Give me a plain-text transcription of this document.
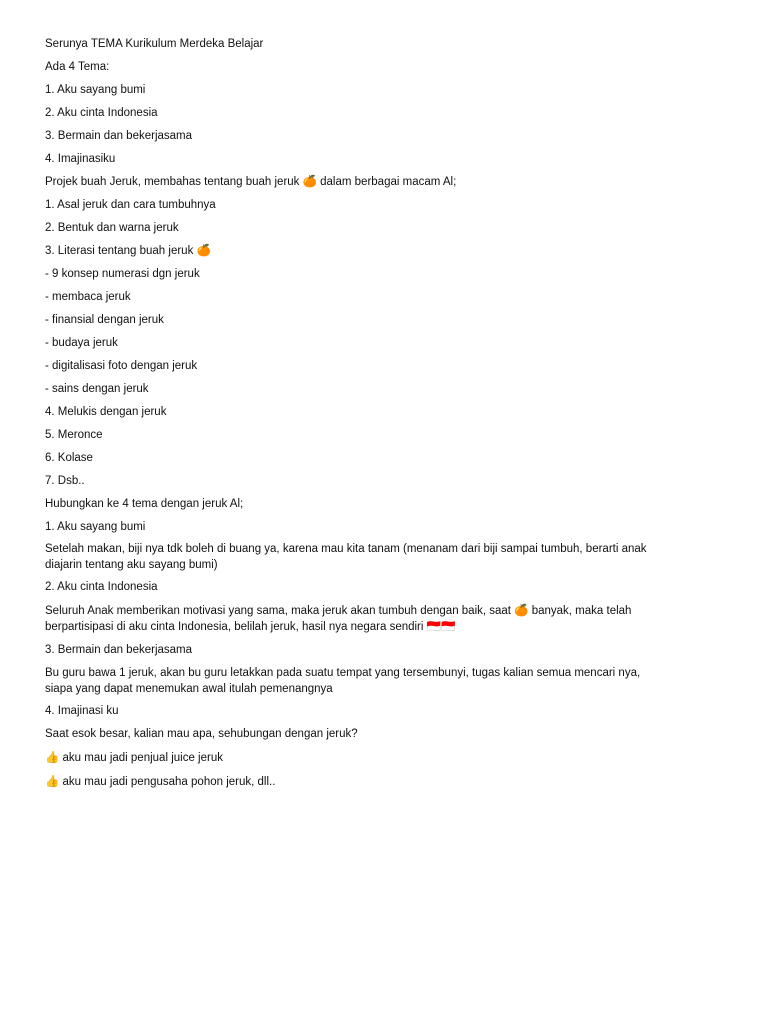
Serunya TEMA Kurikulum Merdeka Belajar
Ada 4 Tema:
1. Aku sayang bumi
2. Aku cinta Indonesia
3. Bermain dan bekerjasama
4. Imajinasiku
Projek buah Jeruk, membahas tentang buah jeruk 🍊 dalam berbagai macam Al;
1. Asal jeruk dan cara tumbuhnya
2. Bentuk dan warna jeruk
3. Literasi tentang buah jeruk 🍊
- 9 konsep numerasi dgn jeruk
- membaca jeruk
- finansial dengan jeruk
- budaya jeruk
- digitalisasi foto dengan jeruk
- sains dengan jeruk
4. Melukis dengan jeruk
5. Meronce
6. Kolase
7. Dsb..
Hubungkan ke 4 tema dengan jeruk Al;
1. Aku sayang bumi
Setelah makan, biji nya tdk boleh di buang ya, karena mau kita tanam (menanam dari biji sampai tumbuh, berarti anak
diajarin tentang aku sayang bumi)
2. Aku cinta Indonesia
Seluruh Anak memberikan motivasi yang sama, maka jeruk akan tumbuh dengan baik, saat 🍊 banyak, maka telah
berpartisipasi di aku cinta Indonesia, belilah jeruk, hasil nya negara sendiri 🇮🇩🇮🇩
3. Bermain dan bekerjasama
Bu guru bawa 1 jeruk, akan bu guru letakkan pada suatu tempat yang tersembunyi, tugas kalian semua mencari nya,
siapa yang dapat menemukan awal itulah pemenangnya
4. Imajinasi ku
Saat esok besar, kalian mau apa, sehubungan dengan jeruk?
👍 aku mau jadi penjual juice jeruk
👍 aku mau jadi pengusaha pohon jeruk, dll..
